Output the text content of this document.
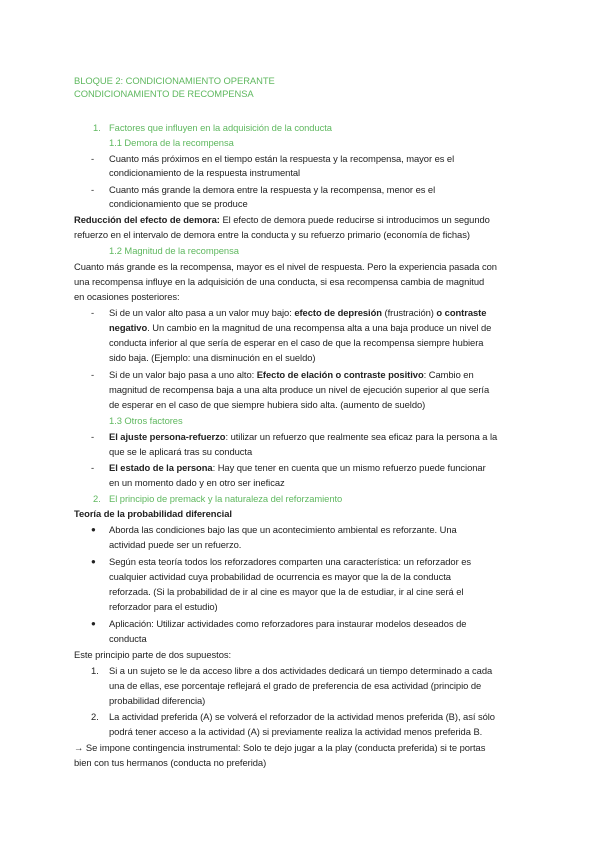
BLOQUE 2: CONDICIONAMIENTO OPERANTE
CONDICIONAMIENTO DE RECOMPENSA
1. Factores que influyen en la adquisición de la conducta
1.1 Demora de la recompensa
- Cuanto más próximos en el tiempo están la respuesta y la recompensa, mayor es el
condicionamiento de la respuesta instrumental
- Cuanto más grande la demora entre la respuesta y la recompensa, menor es el
condicionamiento que se produce
Reducción del efecto de demora: El efecto de demora puede reducirse si introducimos un segundo
refuerzo en el intervalo de demora entre la conducta y su refuerzo primario (economía de fichas)
1.2 Magnitud de la recompensa
Cuanto más grande es la recompensa, mayor es el nivel de respuesta. Pero la experiencia pasada con
una recompensa influye en la adquisición de una conducta, si esa recompensa cambia de magnitud
en ocasiones posteriores:
- Si de un valor alto pasa a un valor muy bajo: efecto de depresión (frustración) o contraste
negativo. Un cambio en la magnitud de una recompensa alta a una baja produce un nivel de
conducta inferior al que sería de esperar en el caso de que la recompensa siempre hubiera
sido baja. (Ejemplo: una disminución en el sueldo)
- Si de un valor bajo pasa a uno alto: Efecto de elación o contraste positivo: Cambio en
magnitud de recompensa baja a una alta produce un nivel de ejecución superior al que sería
de esperar en el caso de que siempre hubiera sido alta. (aumento de sueldo)
1.3 Otros factores
- El ajuste persona-refuerzo: utilizar un refuerzo que realmente sea eficaz para la persona a la
que se le aplicará tras su conducta
- El estado de la persona: Hay que tener en cuenta que un mismo refuerzo puede funcionar
en un momento dado y en otro ser ineficaz
2. El principio de premack y la naturaleza del reforzamiento
Teoría de la probabilidad diferencial
● Aborda las condiciones bajo las que un acontecimiento ambiental es reforzante. Una
actividad puede ser un refuerzo.
● Según esta teoría todos los reforzadores comparten una característica: un reforzador es
cualquier actividad cuya probabilidad de ocurrencia es mayor que la de la conducta
reforzada. (Si la probabilidad de ir al cine es mayor que la de estudiar, ir al cine será el
reforzador para el estudio)
● Aplicación: Utilizar actividades como reforzadores para instaurar modelos deseados de
conducta
Este principio parte de dos supuestos:
1. Si a un sujeto se le da acceso libre a dos actividades dedicará un tiempo determinado a cada
una de ellas, ese porcentaje reflejará el grado de preferencia de esa actividad (principio de
probabilidad diferencia)
2. La actividad preferida (A) se volverá el reforzador de la actividad menos preferida (B), así sólo
podrá tener acceso a la actividad (A) si previamente realiza la actividad menos preferida B.
→ Se impone contingencia instrumental: Solo te dejo jugar a la play (conducta preferida) si te portas
bien con tus hermanos (conducta no preferida)
